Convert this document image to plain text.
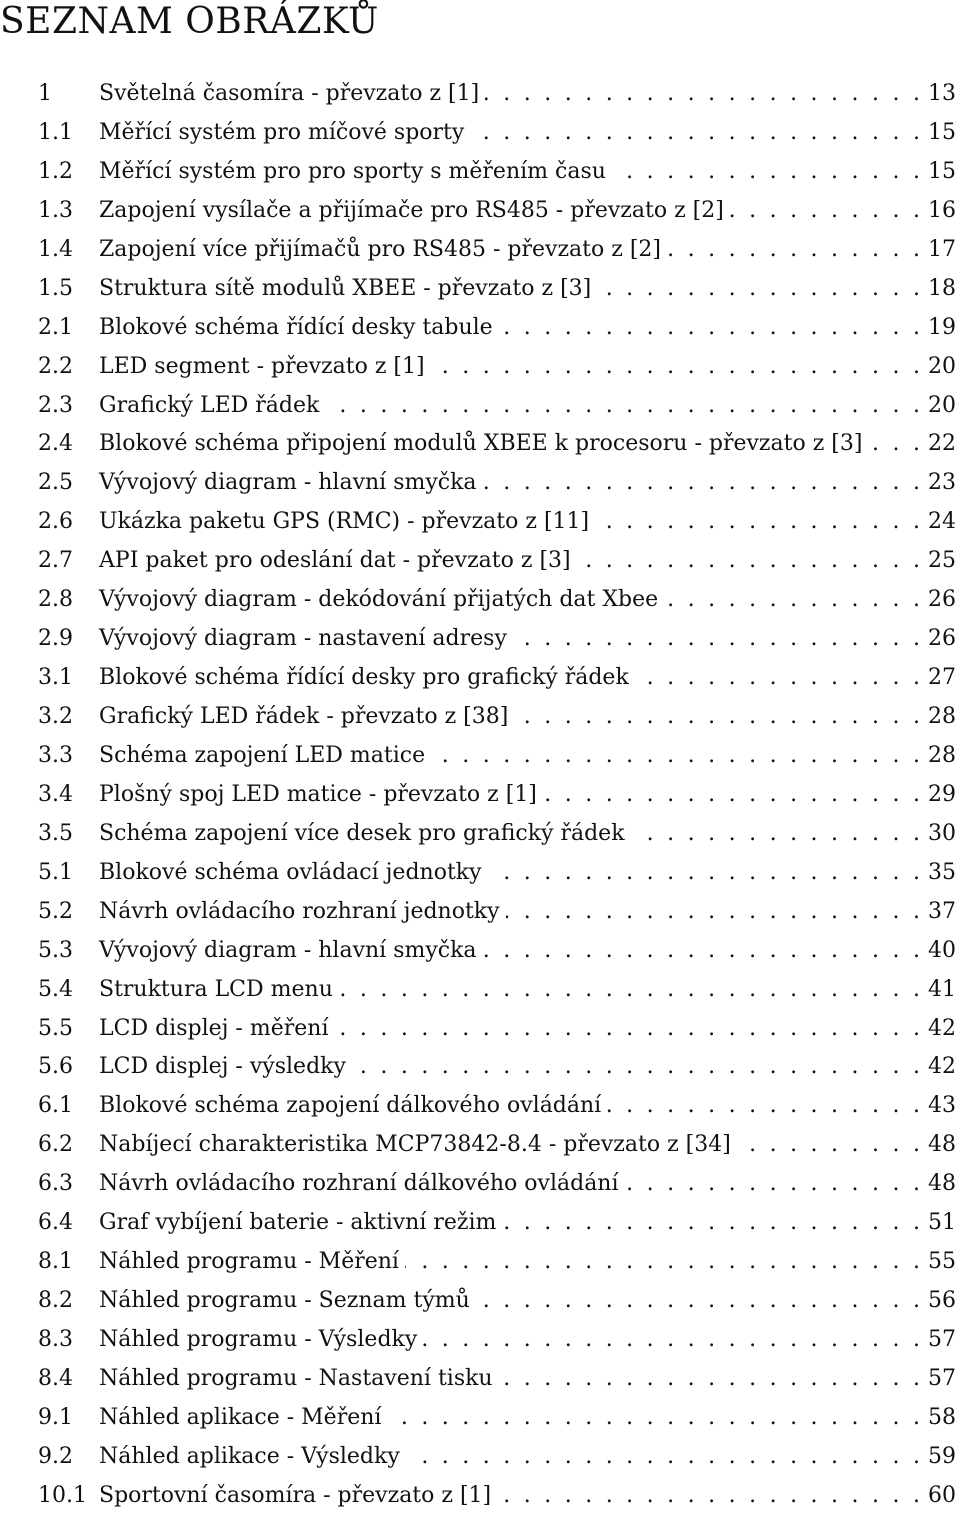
SEZNAM OBRÁZKŮ
1 Světelná časomíra - převzato z [1] . . .	13
1.1 Měřící systém pro míčové sporty . . .	15
1.2 Měřící systém pro pro sporty s měřením času . . .	15
1.3 Zapojení vysílače a přijímače pro RS485 - převzato z [2] . . .	16
1.4 Zapojení více přijímačů pro RS485 - převzato z [2] . . .	17
1.5 Struktura sítě modulů XBEE - převzato z [3] . . .	18
2.1 Blokové schéma řídící desky tabule . . .	19
2.2 LED segment - převzato z [1] . . .	20
2.3 Grafický LED řádek . . .	20
2.4 Blokové schéma připojení modulů XBEE k procesoru - převzato z [3] . . .	22
2.5 Vývojový diagram - hlavní smyčka . . .	23
2.6 Ukázka paketu GPS (RMC) - převzato z [11] . . .	24
2.7 API paket pro odeslání dat - převzato z [3] . . .	25
2.8 Vývojový diagram - dekódování přijatých dat Xbee . . .	26
2.9 Vývojový diagram - nastavení adresy . . .	26
3.1 Blokové schéma řídící desky pro grafický řádek . . .	27
3.2 Grafický LED řádek - převzato z [38] . . .	28
3.3 Schéma zapojení LED matice . . .	28
3.4 Plošný spoj LED matice - převzato z [1] . . .	29
3.5 Schéma zapojení více desek pro grafický řádek . . .	30
5.1 Blokové schéma ovládací jednotky . . .	35
5.2 Návrh ovládacího rozhraní jednotky . . .	37
5.3 Vývojový diagram - hlavní smyčka . . .	40
5.4 Struktura LCD menu . . .	41
5.5 LCD displej - měření . . .	42
5.6 LCD displej - výsledky . . .	42
6.1 Blokové schéma zapojení dálkového ovládání . . .	43
6.2 Nabíjecí charakteristika MCP73842-8.4 - převzato z [34] . . .	48
6.3 Návrh ovládacího rozhraní dálkového ovládání . . .	48
6.4 Graf vybíjení baterie - aktivní režim . . .	51
8.1 Náhled programu - Měření . . .	55
8.2 Náhled programu - Seznam týmů . . .	56
8.3 Náhled programu - Výsledky . . .	57
8.4 Náhled programu - Nastavení tisku . . .	57
9.1 Náhled aplikace - Měření . . .	58
9.2 Náhled aplikace - Výsledky . . .	59
10.1 Sportovní časomíra - převzato z [1] . . .	60
